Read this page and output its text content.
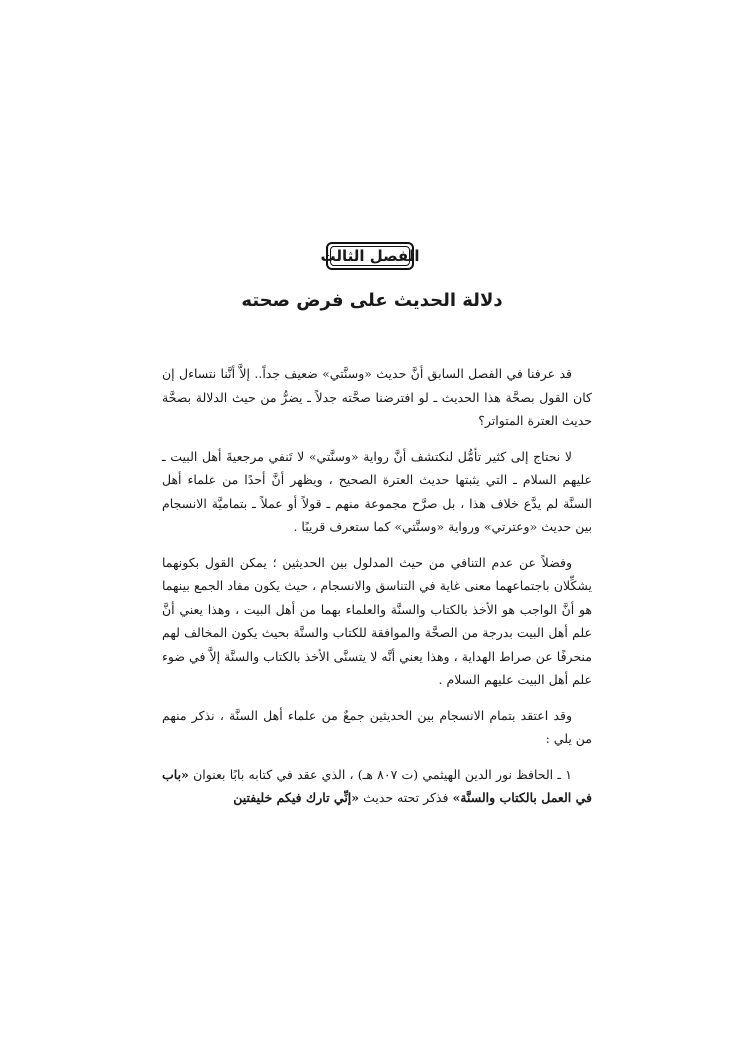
الفصل الثالث
دلالة الحديث على فرض صحته

قد عرفنا في الفصل السابق أنَّ حديث «وسنَّتي» ضعيف جداً.. إلاَّ أنَّنا نتساءل إن كان القول بصحَّة هذا الحديث ـ لو افترضنا صحَّته جدلاً ـ يضرُّ من حيث الدلالة بصحَّة حديث العترة المتواتر؟

لا نحتاج إلى كثير تأمُّل لنكتشف أنَّ رواية «وسنَّتي» لا تَنفي مرجعيةَ أهل البيت ـ عليهم السلام ـ التي يثبتها حديث العترة الصحيح ، ويظهر أنَّ أحدًا من علماء أهل السنَّة لم يدَّع خلاف هذا ، بل صرَّح مجموعة منهم ـ قولاً أو عملاً ـ بتماميَّة الانسجام بين حديث «وعترتي» ورواية «وسنَّتي» كما ستعرف قريبًا .

وفضلاً عن عدم التنافي من حيث المدلول بين الحديثين ؛ يمكن القول بكونهما يشكِّلان باجتماعهما معنى غاية في التناسق والانسجام ، حيث يكون مفاد الجمع بينهما هو أنَّ الواجب هو الأخذ بالكتاب والسنَّة والعلماء بهما من أهل البيت ، وهذا يعني أنَّ علم أهل البيت بدرجة من الصحَّة والموافقة للكتاب والسنَّة بحيث يكون المخالف لهم منحرفًا عن صراط الهداية ، وهذا يعني أنَّه لا يتسنَّى الأخذ بالكتاب والسنَّة إلاَّ في ضوء علم أهل البيت عليهم السلام .

وقد اعتقد بتمام الانسجام بين الحديثين جمعٌ من علماء أهل السنَّة ، نذكر منهم من يلي :

١ ـ الحافظ نور الدين الهيثمي (ت ٨٠٧ هـ) ، الذي عقد في كتابه بابًا بعنوان «باب في العمل بالكتاب والسنَّة» فذكر تحته حديث «إنِّي تارك فيكم خليفتين
